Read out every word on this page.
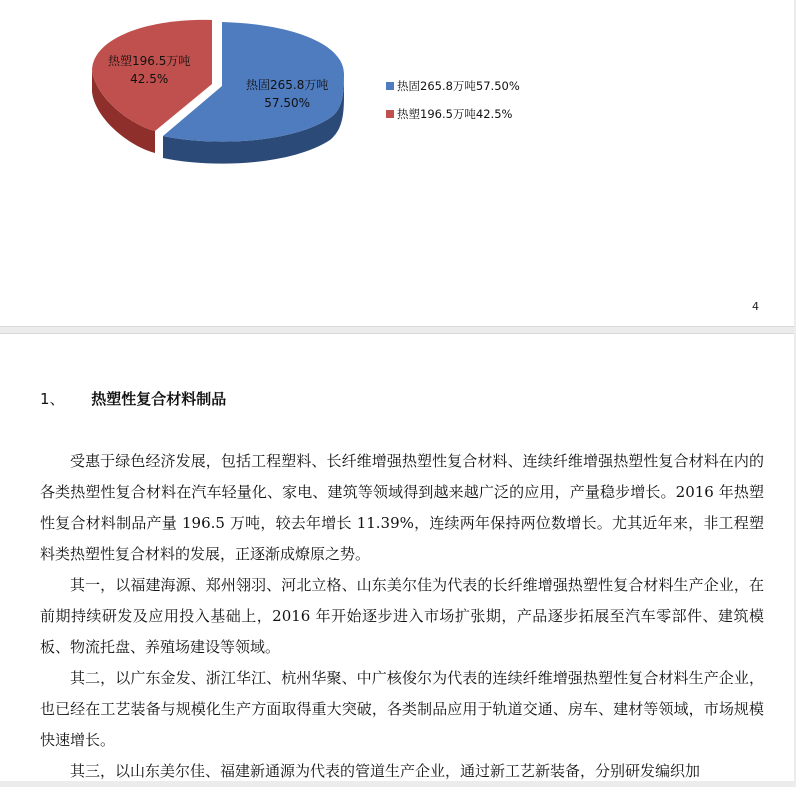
热塑196.5万吨
42.5%	热固265.8万吨
57.50%
热固265.8万吨57.50%
热塑196.5万吨42.5%
4
1、 热塑性复合材料制品

受惠于绿色经济发展，包括工程塑料、长纤维增强热塑性复合材料、连续纤维增强热塑性复合材料在内的各类热塑性复合材料在汽车轻量化、家电、建筑等领域得到越来越广泛的应用，产量稳步增长。2016 年热塑性复合材料制品产量 196.5 万吨，较去年增长 11.39%，连续两年保持两位数增长。尤其近年来，非工程塑料类热塑性复合材料的发展，正逐渐成燎原之势。

其一，以福建海源、郑州翎羽、河北立格、山东美尔佳为代表的长纤维增强热塑性复合材料生产企业，在前期持续研发及应用投入基础上，2016 年开始逐步进入市场扩张期，产品逐步拓展至汽车零部件、建筑模板、物流托盘、养殖场建设等领域。

其二，以广东金发、浙江华江、杭州华聚、中广核俊尔为代表的连续纤维增强热塑性复合材料生产企业，也已经在工艺装备与规模化生产方面取得重大突破，各类制品应用于轨道交通、房车、建材等领域，市场规模快速增长。

其三，以山东美尔佳、福建新通源为代表的管道生产企业，通过新工艺新装备，分别研发编织加
